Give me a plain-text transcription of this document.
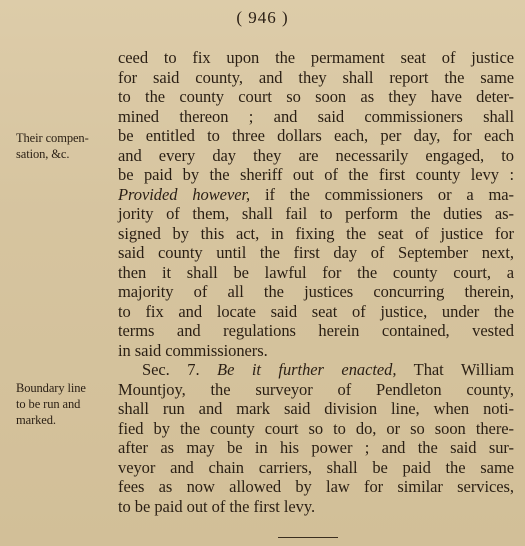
( 946 )
Their compen-
sation, &c.
Boundary line
to be run and
marked.
ceed to fix upon the permament seat of justice
for said county, and they shall report the same
to the county court so soon as they have deter-
mined thereon ; and said commissioners shall
be entitled to three dollars each, per day, for each
and every day they are necessarily engaged, to
be paid by the sheriff out of the first county levy :
Provided however, if the commissioners or a ma-
jority of them, shall fail to perform the duties as-
signed by this act, in fixing the seat of justice for
said county until the first day of September next,
then it shall be lawful for the county court, a
majority of all the justices concurring therein,
to fix and locate said seat of justice, under the
terms and regulations herein contained, vested
in said commissioners.
Sec. 7. Be it further enacted, That William
Mountjoy, the surveyor of Pendleton county,
shall run and mark said division line, when noti-
fied by the county court so to do, or so soon there-
after as may be in his power ; and the said sur-
veyor and chain carriers, shall be paid the same
fees as now allowed by law for similar services,
to be paid out of the first levy.
